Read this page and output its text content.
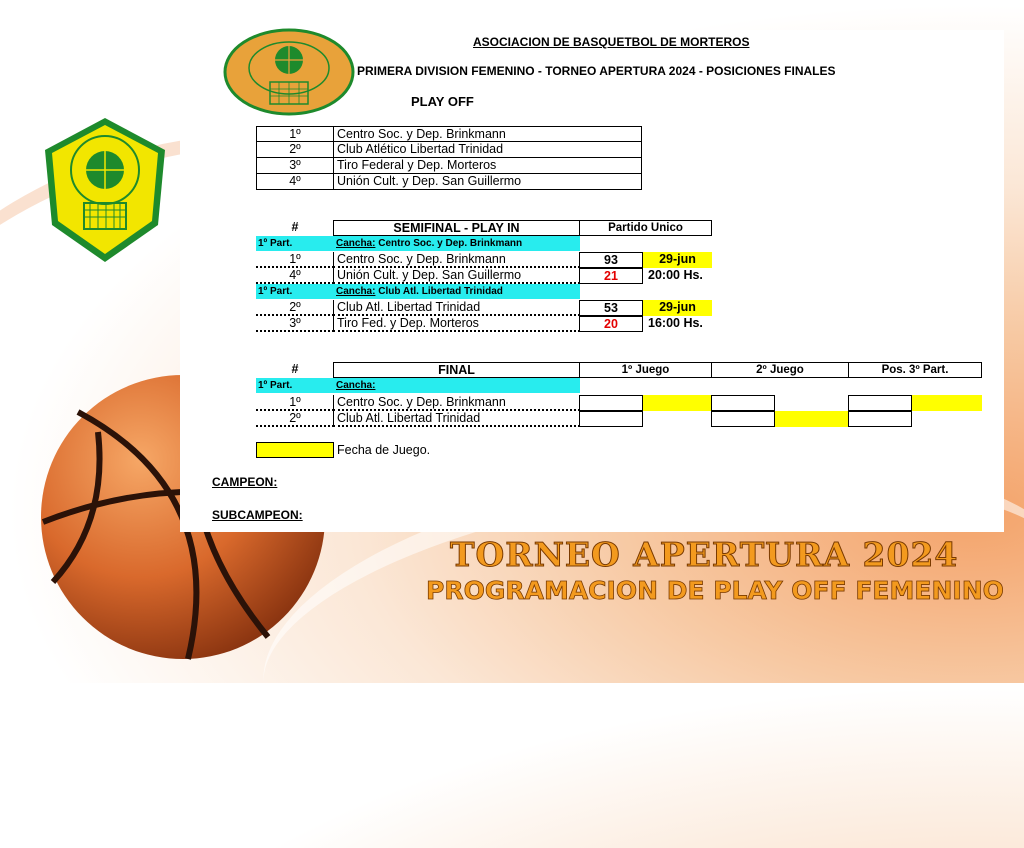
ASOCIACION DE BASQUETBOL DE MORTEROS
PRIMERA DIVISION FEMENINO - TORNEO APERTURA 2024 - POSICIONES FINALES
PLAY OFF
1º	Centro Soc. y Dep. Brinkmann
2º	Club Atlético Libertad Trinidad
3º	Tiro Federal y Dep. Morteros
4º	Unión Cult. y Dep. San Guillermo
#	SEMIFINAL - PLAY IN	Partido Unico
1º Part.	Cancha: Centro Soc. y Dep. Brinkmann
1º	Centro Soc. y Dep. Brinkmann	93	29-jun
4º	Unión Cult. y Dep. San Guillermo	21	20:00 Hs.
1º Part.	Cancha: Club Atl. Libertad Trinidad
2º	Club Atl. Libertad Trinidad	53	29-jun
3º	Tiro Fed. y Dep. Morteros	20	16:00 Hs.
#	FINAL	1º Juego	2º Juego	Pos. 3º Part.
1º Part.	Cancha:
1º	Centro Soc. y Dep. Brinkmann
2º	Club Atl. Libertad Trinidad
Fecha de Juego.
CAMPEON:
SUBCAMPEON:
TORNEO APERTURA 2024
PROGRAMACION DE PLAY OFF FEMENINO
